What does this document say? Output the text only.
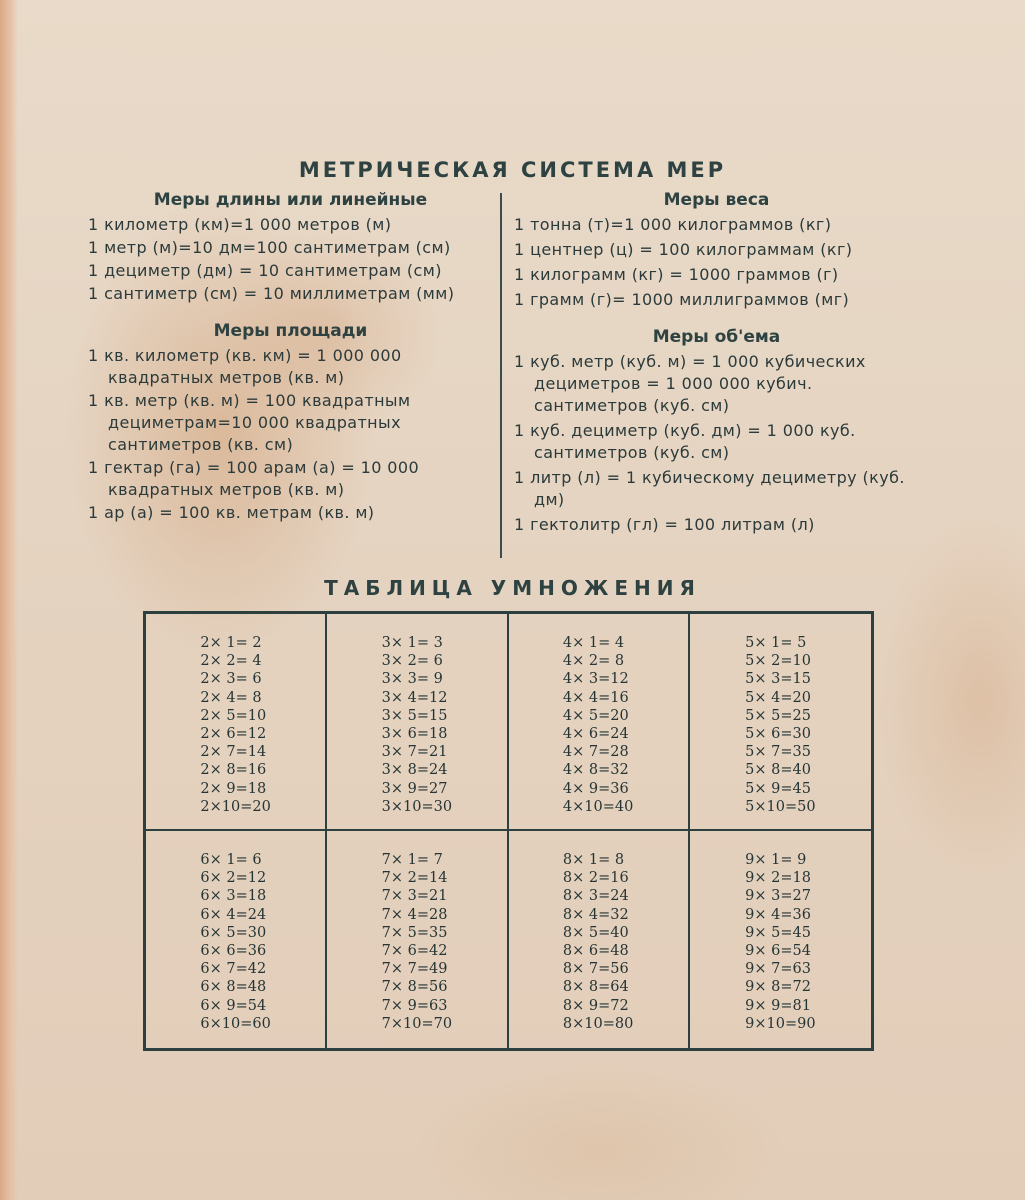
МЕТРИЧЕСКАЯ СИСТЕМА МЕР
Меры длины или линейные
1 километр (км)=1 000 метров (м)
1 метр (м)=10 дм=100 сантиметрам (см)
1 дециметр (дм) = 10 сантиметрам (см)
1 сантиметр (см) = 10 миллиметрам (мм)
Меры площади
1 кв. километр (кв. км) = 1 000 000 квадратных метров (кв. м)
1 кв. метр (кв. м) = 100 квадратным дециметрам=10 000 квадратных сантиметров (кв. см)
1 гектар (га) = 100 арам (а) = 10 000 квадратных метров (кв. м)
1 ар (а) = 100 кв. метрам (кв. м)
Меры веса
1 тонна (т)=1 000 килограммов (кг)
1 центнер (ц) = 100 килограммам (кг)
1 килограмм (кг) = 1000 граммов (г)
1 грамм (г)= 1000 миллиграммов (мг)
Меры об'ема
1 куб. метр (куб. м) = 1 000 кубических дециметров = 1 000 000 кубич. сантиметров (куб. см)
1 куб. дециметр (куб. дм) = 1 000 куб. сантиметров (куб. см)
1 литр (л) = 1 кубическому дециметру (куб. дм)
1 гектолитр (гл) = 100 литрам (л)
ТАБЛИЦА УМНОЖЕНИЯ
2× 1= 2
2× 2= 4
2× 3= 6
2× 4= 8
2× 5=10
2× 6=12
2× 7=14
2× 8=16
2× 9=18
2×10=20
3× 1= 3
3× 2= 6
3× 3= 9
3× 4=12
3× 5=15
3× 6=18
3× 7=21
3× 8=24
3× 9=27
3×10=30
4× 1= 4
4× 2= 8
4× 3=12
4× 4=16
4× 5=20
4× 6=24
4× 7=28
4× 8=32
4× 9=36
4×10=40
5× 1= 5
5× 2=10
5× 3=15
5× 4=20
5× 5=25
5× 6=30
5× 7=35
5× 8=40
5× 9=45
5×10=50
6× 1= 6
6× 2=12
6× 3=18
6× 4=24
6× 5=30
6× 6=36
6× 7=42
6× 8=48
6× 9=54
6×10=60
7× 1= 7
7× 2=14
7× 3=21
7× 4=28
7× 5=35
7× 6=42
7× 7=49
7× 8=56
7× 9=63
7×10=70
8× 1= 8
8× 2=16
8× 3=24
8× 4=32
8× 5=40
8× 6=48
8× 7=56
8× 8=64
8× 9=72
8×10=80
9× 1= 9
9× 2=18
9× 3=27
9× 4=36
9× 5=45
9× 6=54
9× 7=63
9× 8=72
9× 9=81
9×10=90
